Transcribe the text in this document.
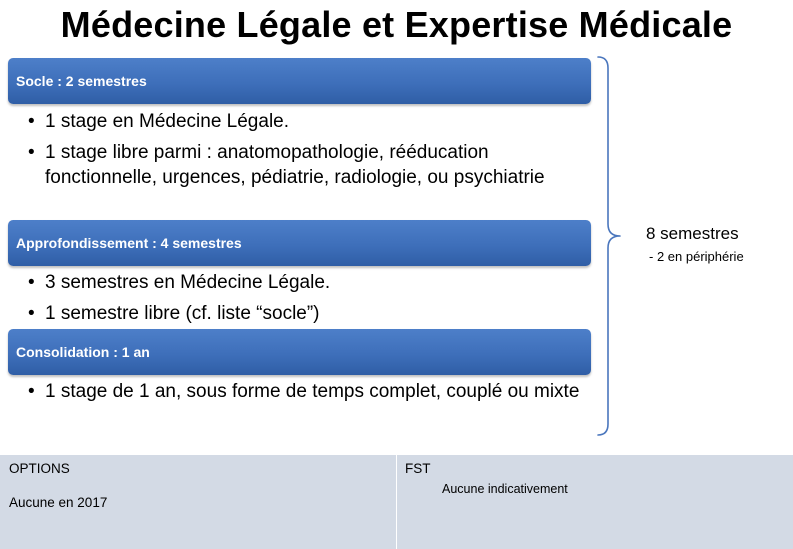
Médecine Légale et Expertise Médicale
Socle : 2 semestres
• 1 stage en Médecine Légale.
• 1 stage libre parmi : anatomopathologie, rééducation fonctionnelle, urgences, pédiatrie, radiologie, ou psychiatrie
Approfondissement : 4 semestres
• 3 semestres en Médecine Légale.
• 1 semestre libre (cf. liste “socle”)
Consolidation : 1 an
• 1 stage de 1 an, sous forme de temps complet, couplé ou mixte
8 semestres
- 2 en périphérie
OPTIONS
Aucune en 2017
FST
Aucune indicativement
